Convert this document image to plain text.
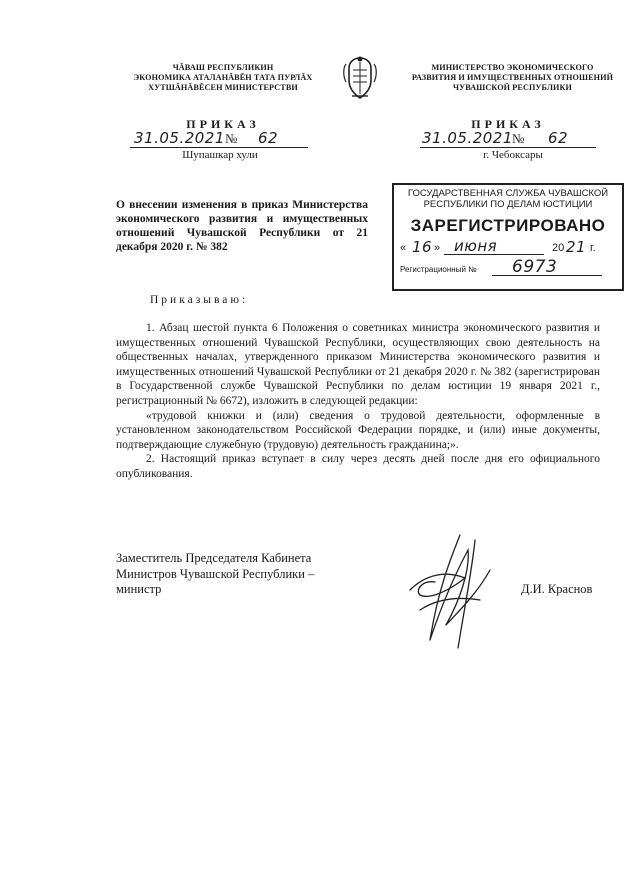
ЧĂВАШ РЕСПУБЛИКИН
ЭКОНОМИКА АТАЛАНĂВĔН ТАТА ПУРЛĂХ
ХУТШĂНĂВĔСЕН МИНИСТЕРСТВИ
МИНИСТЕРСТВО ЭКОНОМИЧЕСКОГО
РАЗВИТИЯ И ИМУЩЕСТВЕННЫХ ОТНОШЕНИЙ
ЧУВАШСКОЙ РЕСПУБЛИКИ
ПРИКАЗ
31.05.2021 № 62
Шупашкар хули
ПРИКАЗ
31.05.2021 № 62
г. Чебоксары
О внесении изменения в приказ Министерства экономического развития и имущественных отношений Чувашской Республики от 21 декабря 2020 г. № 382
ГОСУДАРСТВЕННАЯ СЛУЖБА ЧУВАШСКОЙ
РЕСПУБЛИКИ ПО ДЕЛАМ ЮСТИЦИИ
ЗАРЕГИСТРИРОВАНО
« 16 » июня	20 21 г.
Регистрационный № 6973
Приказываю:

1. Абзац шестой пункта 6 Положения о советниках министра экономического развития и имущественных отношений Чувашской Республики, осуществляющих свою деятельность на общественных началах, утвержденного приказом Министерства экономического развития и имущественных отношений Чувашской Республики от 21 декабря 2020 г. № 382 (зарегистрирован в Государственной службе Чувашской Республики по делам юстиции 19 января 2021 г., регистрационный № 6672), изложить в следующей редакции:

«трудовой книжки и (или) сведения о трудовой деятельности, оформленные в установленном законодательством Российской Федерации порядке, и (или) иные документы, подтверждающие служебную (трудовую) деятельность гражданина;».

2. Настоящий приказ вступает в силу через десять дней после дня его официального опубликования.

Заместитель Председателя Кабинета
Министров Чувашской Республики –
министр	Д.И. Краснов
